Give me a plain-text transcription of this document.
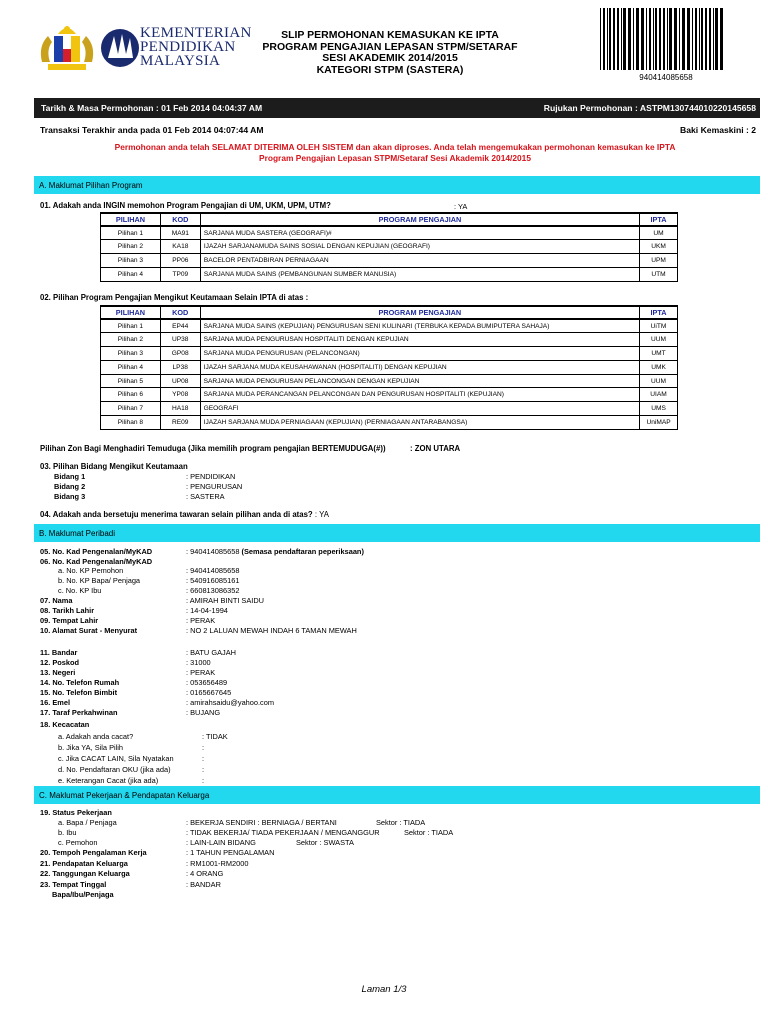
KEMENTERIAN
PENDIDIKAN
MALAYSIA
SLIP PERMOHONAN KEMASUKAN KE IPTA
PROGRAM PENGAJIAN LEPASAN STPM/SETARAF
SESI AKADEMIK 2014/2015
KATEGORI STPM (SASTERA)
940414085658
Tarikh & Masa Permohonan : 01 Feb 2014 04:04:37 AM	Rujukan Permohonan : ASTPM130744010220145658
Transaksi Terakhir anda pada 01 Feb 2014 04:07:44 AM	Baki Kemaskini : 2
Permohonan anda telah SELAMAT DITERIMA OLEH SISTEM dan akan diproses. Anda telah mengemukakan permohonan kemasukan ke IPTA
Program Pengajian Lepasan STPM/Setaraf Sesi Akademik 2014/2015
A. Maklumat Pilihan Program
01. Adakah anda INGIN memohon Program Pengajian di UM, UKM, UPM, UTM?	: YA
PILIHAN	KOD	PROGRAM PENGAJIAN	IPTA
Pilihan 1	MA91	SARJANA MUDA SASTERA (GEOGRAFI)#	UM
Pilihan 2	KA18	IJAZAH SARJANAMUDA SAINS SOSIAL DENGAN KEPUJIAN (GEOGRAFI)	UKM
Pilihan 3	PP06	BACELOR PENTADBIRAN PERNIAGAAN	UPM
Pilihan 4	TP09	SARJANA MUDA SAINS (PEMBANGUNAN SUMBER MANUSIA)	UTM
02. Pilihan Program Pengajian Mengikut Keutamaan Selain IPTA di atas :
PILIHAN	KOD	PROGRAM PENGAJIAN	IPTA
Pilihan 1	EP44	SARJANA MUDA SAINS (KEPUJIAN) PENGURUSAN SENI KULINARI (TERBUKA KEPADA BUMIPUTERA SAHAJA)	UiTM
Pilihan 2	UP38	SARJANA MUDA PENGURUSAN HOSPITALITI DENGAN KEPUJIAN	UUM
Pilihan 3	GP08	SARJANA MUDA PENGURUSAN (PELANCONGAN)	UMT
Pilihan 4	LP38	IJAZAH SARJANA MUDA KEUSAHAWANAN (HOSPITALITI) DENGAN KEPUJIAN	UMK
Pilihan 5	UP08	SARJANA MUDA PENGURUSAN PELANCONGAN DENGAN KEPUJIAN	UUM
Pilihan 6	YP08	SARJANA MUDA PERANCANGAN PELANCONGAN DAN PENGURUSAN HOSPITALITI (KEPUJIAN)	UIAM
Pilihan 7	HA18	GEOGRAFI	UMS
Pilihan 8	RE09	IJAZAH SARJANA MUDA PERNIAGAAN (KEPUJIAN) (PERNIAGAAN ANTARABANGSA)	UniMAP
Pilihan Zon Bagi Menghadiri Temuduga (Jika memilih program pengajian BERTEMUDUGA(#))	: ZON UTARA
03. Pilihan Bidang Mengikut Keutamaan
Bidang 1	: PENDIDIKAN
Bidang 2	: PENGURUSAN
Bidang 3	: SASTERA
04. Adakah anda bersetuju menerima tawaran selain pilihan anda di atas? : YA
B. Maklumat Peribadi
05. No. Kad Pengenalan/MyKAD	: 940414085658 (Semasa pendaftaran peperiksaan)
06. No. Kad Pengenalan/MyKAD
a. No. KP Pemohon	: 940414085658
b. No. KP Bapa/ Penjaga	: 540916085161
c. No. KP Ibu	: 660813086352
07. Nama	: AMIRAH BINTI SAIDU
08. Tarikh Lahir	: 14-04-1994
09. Tempat Lahir	: PERAK
10. Alamat Surat - Menyurat	: NO 2 LALUAN MEWAH INDAH 6 TAMAN MEWAH
11. Bandar	: BATU GAJAH
12. Poskod	: 31000
13. Negeri	: PERAK
14. No. Telefon Rumah	: 053656489
15. No. Telefon Bimbit	: 0165667645
16. Emel	: amirahsaidu@yahoo.com
17. Taraf Perkahwinan	: BUJANG
18. Kecacatan
a. Adakah anda cacat?	: TIDAK
b. Jika YA, Sila Pilih	:
c. Jika CACAT LAIN, Sila Nyatakan	:
d. No. Pendaftaran OKU (jika ada)	:
e. Keterangan Cacat (jika ada)	:
C. Maklumat Pekerjaan & Pendapatan Keluarga
19. Status Pekerjaan
a. Bapa / Penjaga	: BEKERJA SENDIRI : BERNIAGA / BERTANI	Sektor : TIADA
b. Ibu	: TIDAK BEKERJA/ TIADA PEKERJAAN / MENGANGGUR	Sektor : TIADA
c. Pemohon	: LAIN-LAIN BIDANG	Sektor : SWASTA
20. Tempoh Pengalaman Kerja	: 1 TAHUN PENGALAMAN
21. Pendapatan Keluarga	: RM1001-RM2000
22. Tanggungan Keluarga	: 4 ORANG
23. Tempat Tinggal	: BANDAR
Bapa/Ibu/Penjaga
Laman 1/3
